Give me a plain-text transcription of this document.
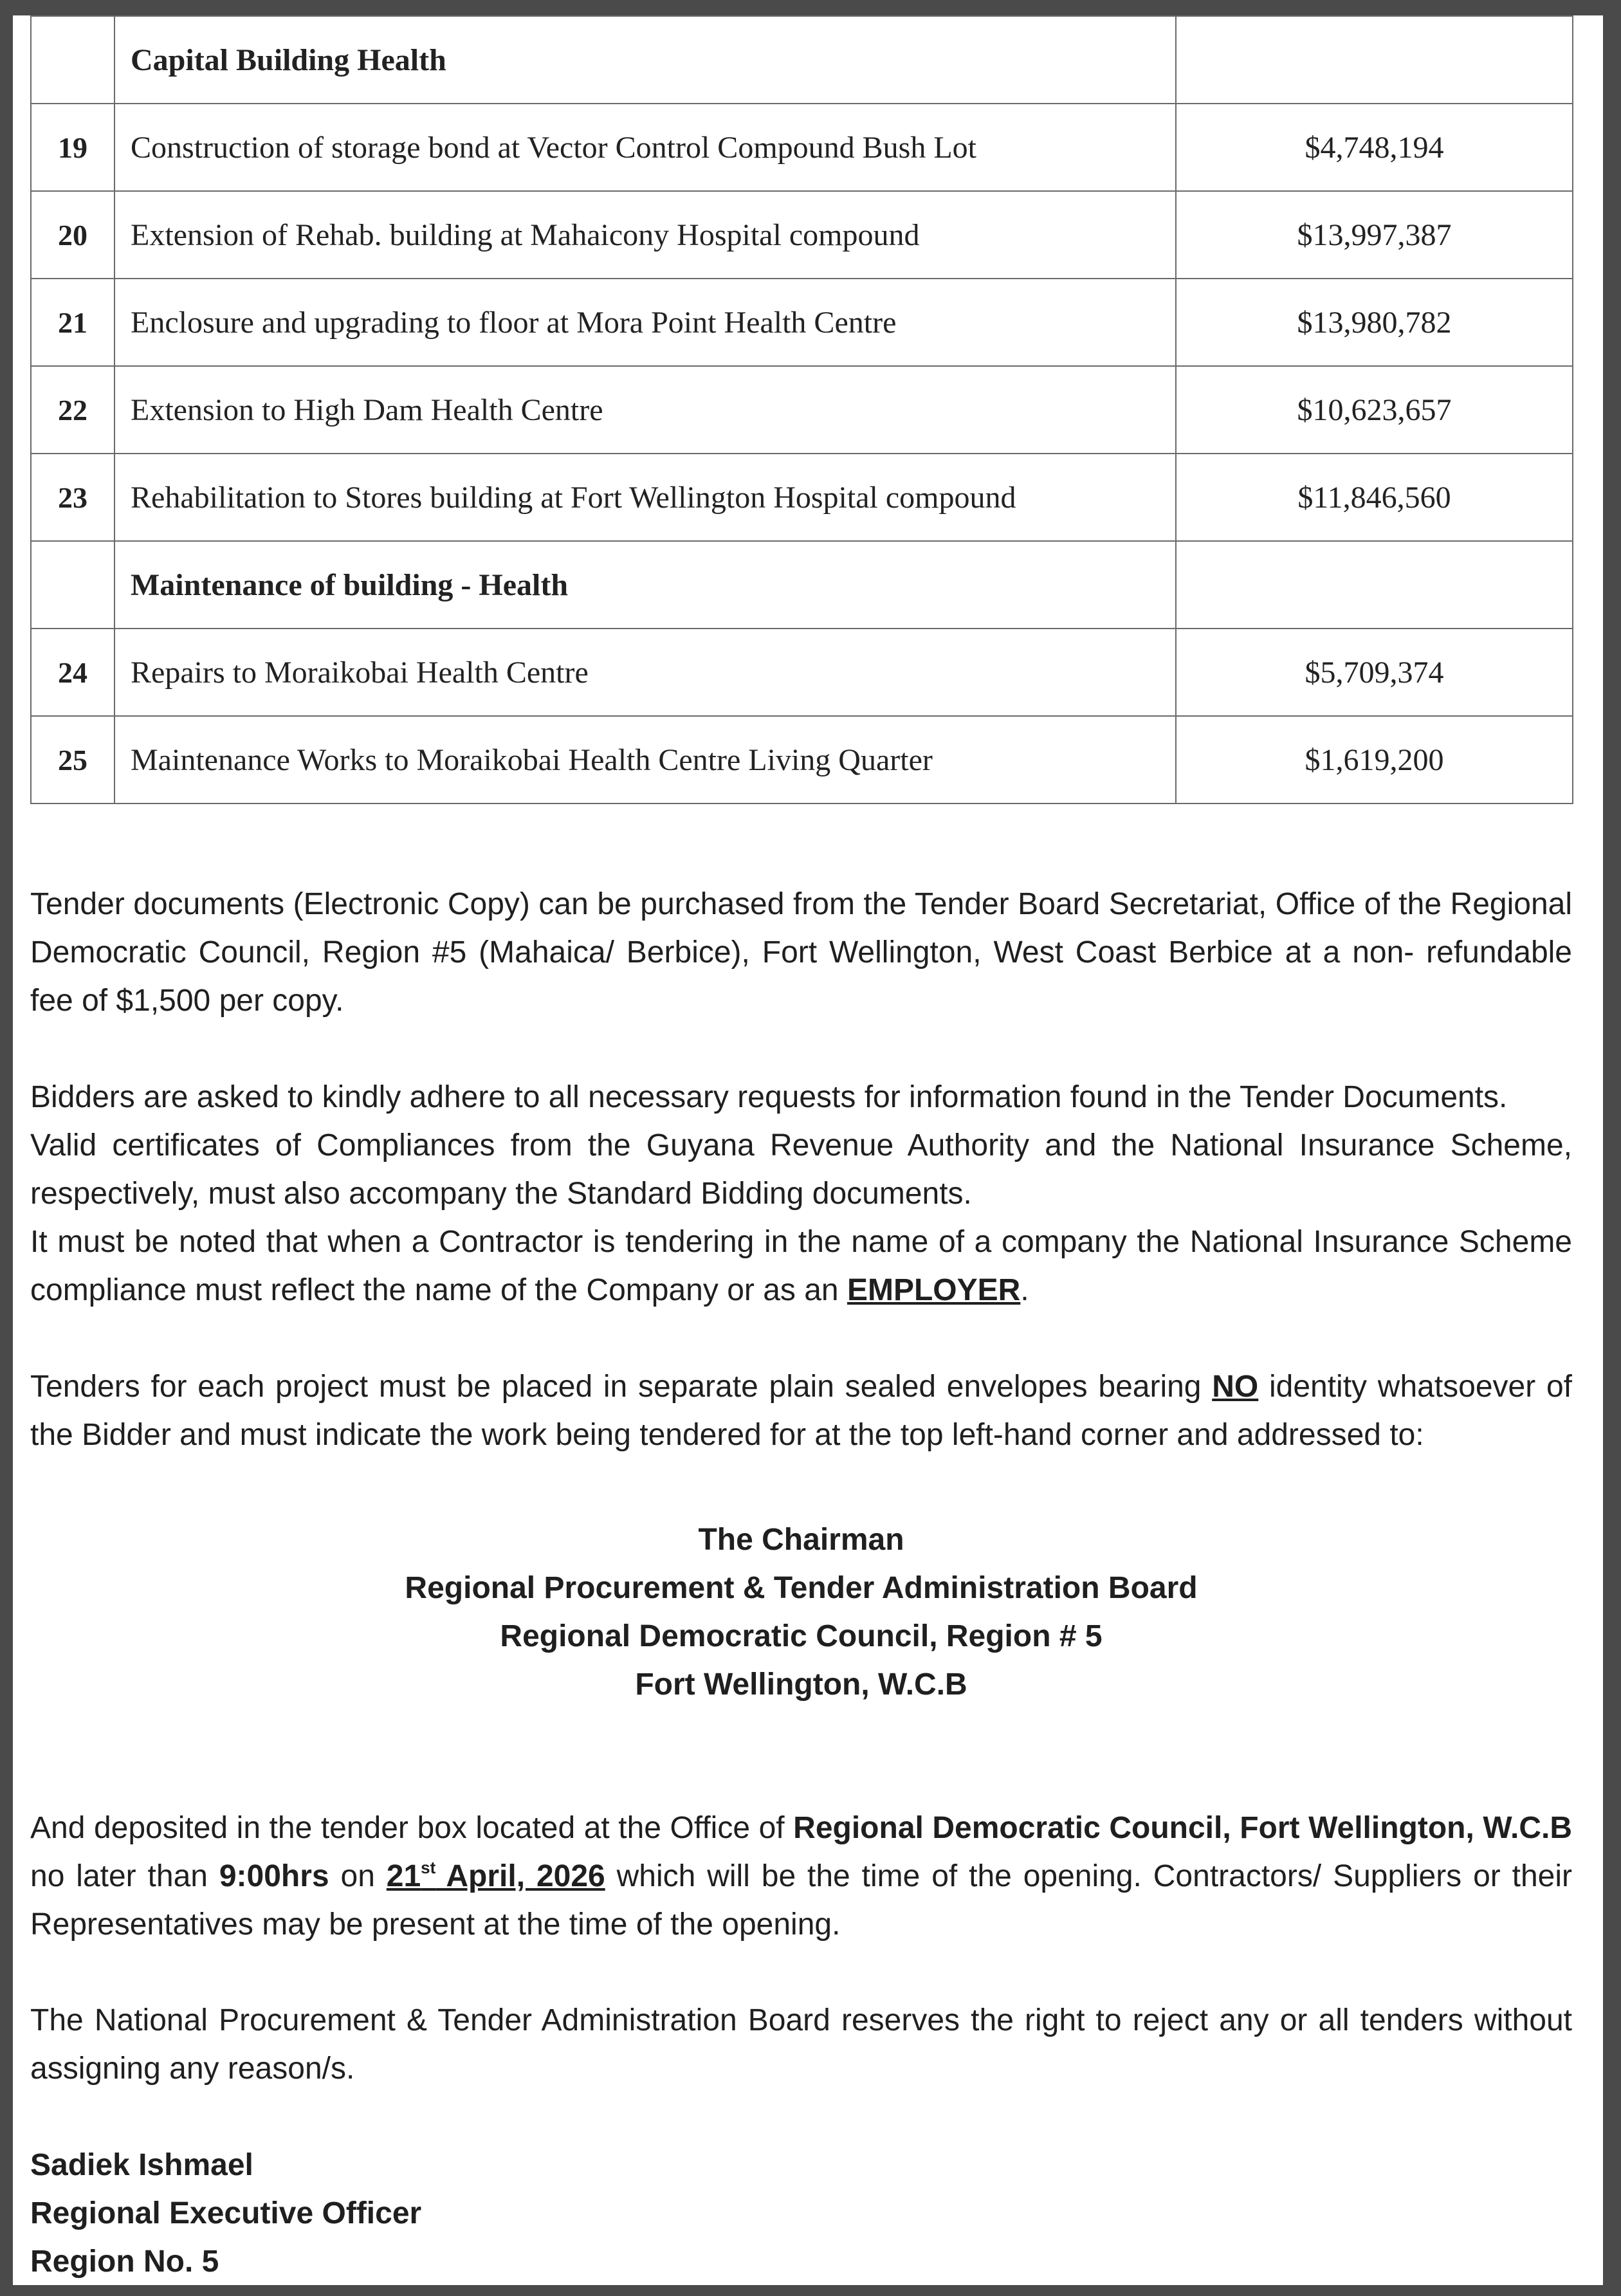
	Capital Building Health	
19	Construction of storage bond at Vector Control Compound Bush Lot	$4,748,194
20	Extension of Rehab. building at Mahaicony Hospital compound	$13,997,387
21	Enclosure and upgrading to floor at Mora Point Health Centre	$13,980,782
22	Extension to High Dam Health Centre	$10,623,657
23	Rehabilitation to Stores building at Fort Wellington Hospital compound	$11,846,560
	Maintenance of building - Health	
24	Repairs to Moraikobai Health Centre	$5,709,374
25	Maintenance Works to Moraikobai Health Centre Living Quarter	$1,619,200

Tender documents (Electronic Copy) can be purchased from the Tender Board Secretariat, Office of the Regional Democratic Council, Region #5 (Mahaica/ Berbice), Fort Wellington, West Coast Berbice at a non- refundable fee of $1,500 per copy.

Bidders are asked to kindly adhere to all necessary requests for information found in the Tender Documents.

Valid certificates of Compliances from the Guyana Revenue Authority and the National Insurance Scheme, respectively, must also accompany the Standard Bidding documents.

It must be noted that when a Contractor is tendering in the name of a company the National Insurance Scheme compliance must reflect the name of the Company or as an EMPLOYER.

Tenders for each project must be placed in separate plain sealed envelopes bearing NO identity whatsoever of the Bidder and must indicate the work being tendered for at the top left-hand corner and addressed to:

The Chairman
Regional Procurement & Tender Administration Board
Regional Democratic Council, Region # 5
Fort Wellington, W.C.B

And deposited in the tender box located at the Office of Regional Democratic Council, Fort Wellington, W.C.B no later than 9:00hrs on 21st April, 2026 which will be the time of the opening. Contractors/ Suppliers or their Representatives may be present at the time of the opening.

The National Procurement & Tender Administration Board reserves the right to reject any or all tenders without assigning any reason/s.

Sadiek Ishmael
Regional Executive Officer
Region No. 5
